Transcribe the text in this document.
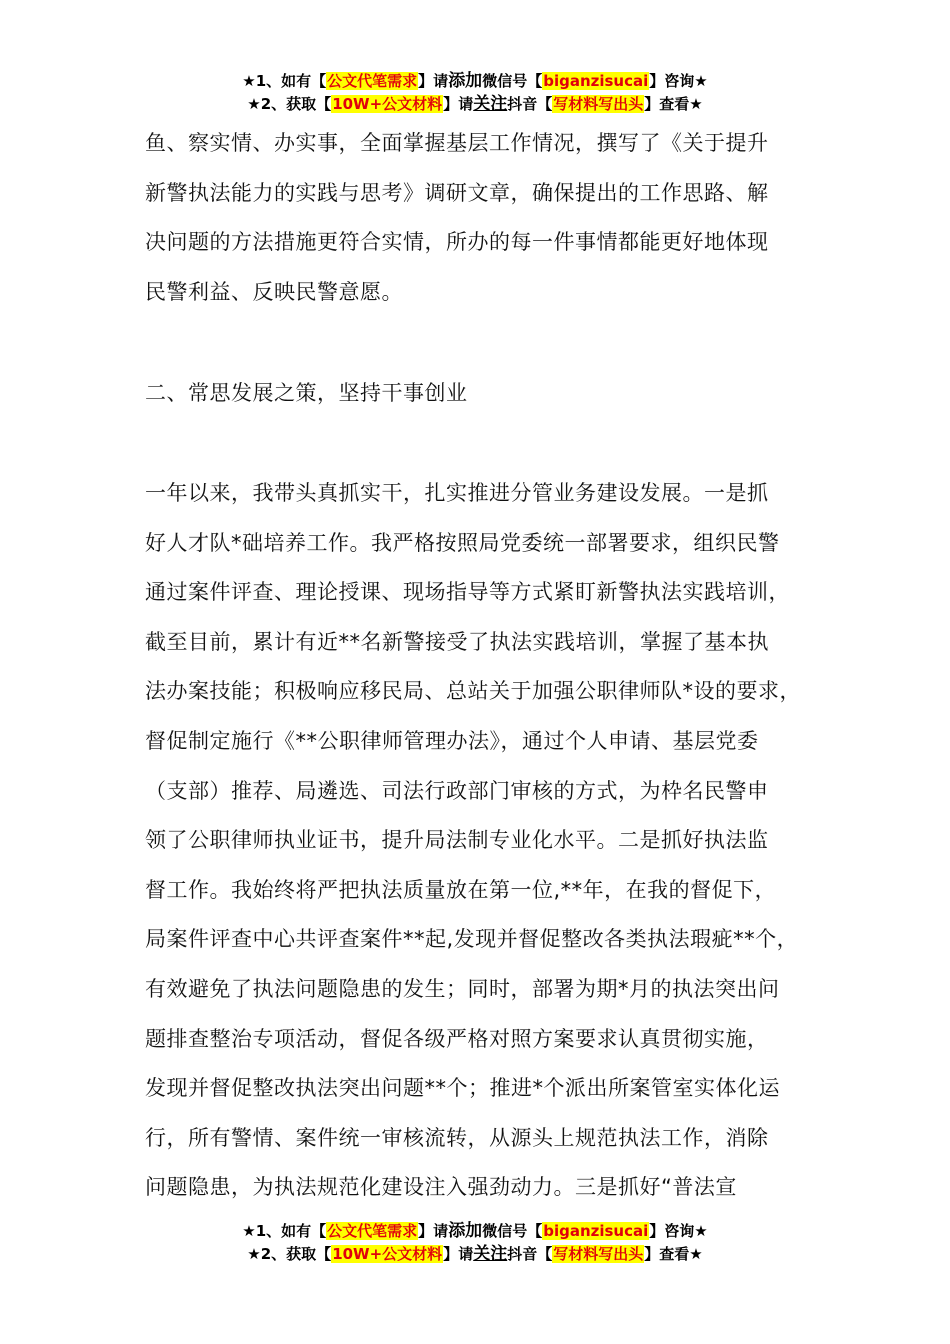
★1、如有【公文代笔需求】请添加微信号【biganzisucai】咨询★
★2、获取【10W+公文材料】请关注抖音【写材料写出头】查看★
鱼、察实情、办实事，全面掌握基层工作情况，撰写了《关于提升
新警执法能力的实践与思考》调研文章，确保提出的工作思路、解
决问题的方法措施更符合实情，所办的每一件事情都能更好地体现
民警利益、反映民警意愿。
二、常思发展之策，坚持干事创业
一年以来，我带头真抓实干，扎实推进分管业务建设发展。一是抓
好人才队*础培养工作。我严格按照局党委统一部署要求，组织民警
通过案件评查、理论授课、现场指导等方式紧盯新警执法实践培训，
截至目前，累计有近**名新警接受了执法实践培训，掌握了基本执
法办案技能；积极响应移民局、总站关于加强公职律师队*设的要求，
督促制定施行《**公职律师管理办法》，通过个人申请、基层党委
（支部）推荐、局遴选、司法行政部门审核的方式，为枠名民警申
领了公职律师执业证书，提升局法制专业化水平。二是抓好执法监
督工作。我始终将严把执法质量放在第一位,**年，在我的督促下，
局案件评查中心共评查案件**起,发现并督促整改各类执法瑕疵**个，
有效避免了执法问题隐患的发生；同时，部署为期*月的执法突出问
题排查整治专项活动，督促各级严格对照方案要求认真贯彻实施，
发现并督促整改执法突出问题**个；推进*个派出所案管室实体化运
行，所有警情、案件统一审核流转，从源头上规范执法工作，消除
问题隐患，为执法规范化建设注入强劲动力。三是抓好“普法宣
★1、如有【公文代笔需求】请添加微信号【biganzisucai】咨询★
★2、获取【10W+公文材料】请关注抖音【写材料写出头】查看★
